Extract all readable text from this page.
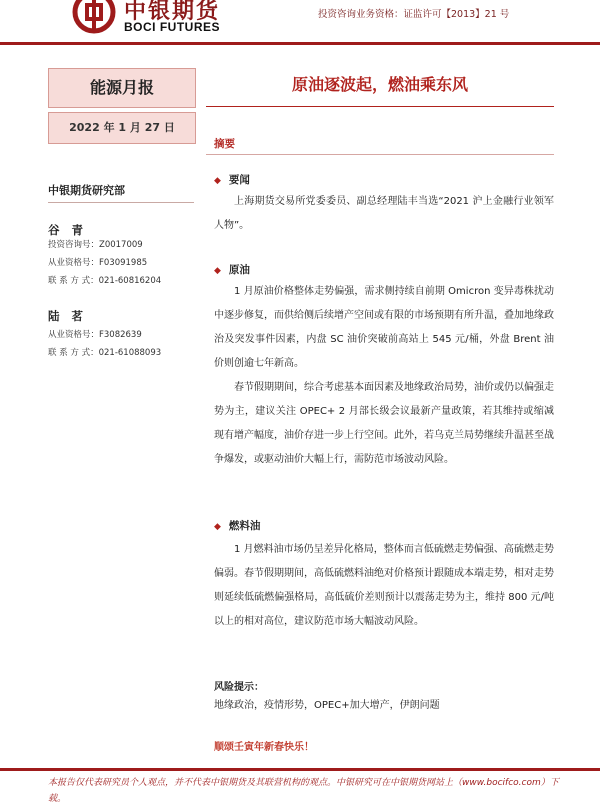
中银期货
BOCI FUTURES
投资咨询业务资格：证监许可【2013】21 号
能源月报
2022 年 1 月 27 日
中银期货研究部
谷 青
投资咨询号：Z0017009
从业资格号：F03091985
联 系 方 式：021-60816204
陆 茗
从业资格号：F3082639
联 系 方 式：021-61088093
原油逐波起，燃油乘东风
摘要
◆ 要闻
上海期货交易所党委委员、副总经理陆丰当选“2021 沪上金融行业领军人物”。
◆ 原油
1 月原油价格整体走势偏强，需求侧持续自前期 Omicron 变异毒株扰动中逐步修复，而供给侧后续增产空间或有限的市场预期有所升温，叠加地缘政治及突发事件因素，内盘 SC 油价突破前高站上 545 元/桶，外盘 Brent 油价则创逾七年新高。
春节假期期间，综合考虑基本面因素及地缘政治局势，油价或仍以偏强走势为主，建议关注 OPEC+ 2 月部长级会议最新产量政策，若其维持或缩减现有增产幅度，油价存进一步上行空间。此外，若乌克兰局势继续升温甚至战争爆发，或驱动油价大幅上行，需防范市场波动风险。
◆ 燃料油
1 月燃料油市场仍呈差异化格局，整体而言低硫燃走势偏强、高硫燃走势偏弱。春节假期期间，高低硫燃料油绝对价格预计跟随成本端走势，相对走势则延续低硫燃偏强格局，高低硫价差则预计以震荡走势为主，维持 800 元/吨以上的相对高位，建议防范市场大幅波动风险。
风险提示：
地缘政治，疫情形势，OPEC+加大增产，伊朗问题
顺颂壬寅年新春快乐！
本报告仅代表研究员个人观点，并不代表中银期货及其联营机构的观点。中银研究可在中银期货网站上（www.bocifco.com）下载。
